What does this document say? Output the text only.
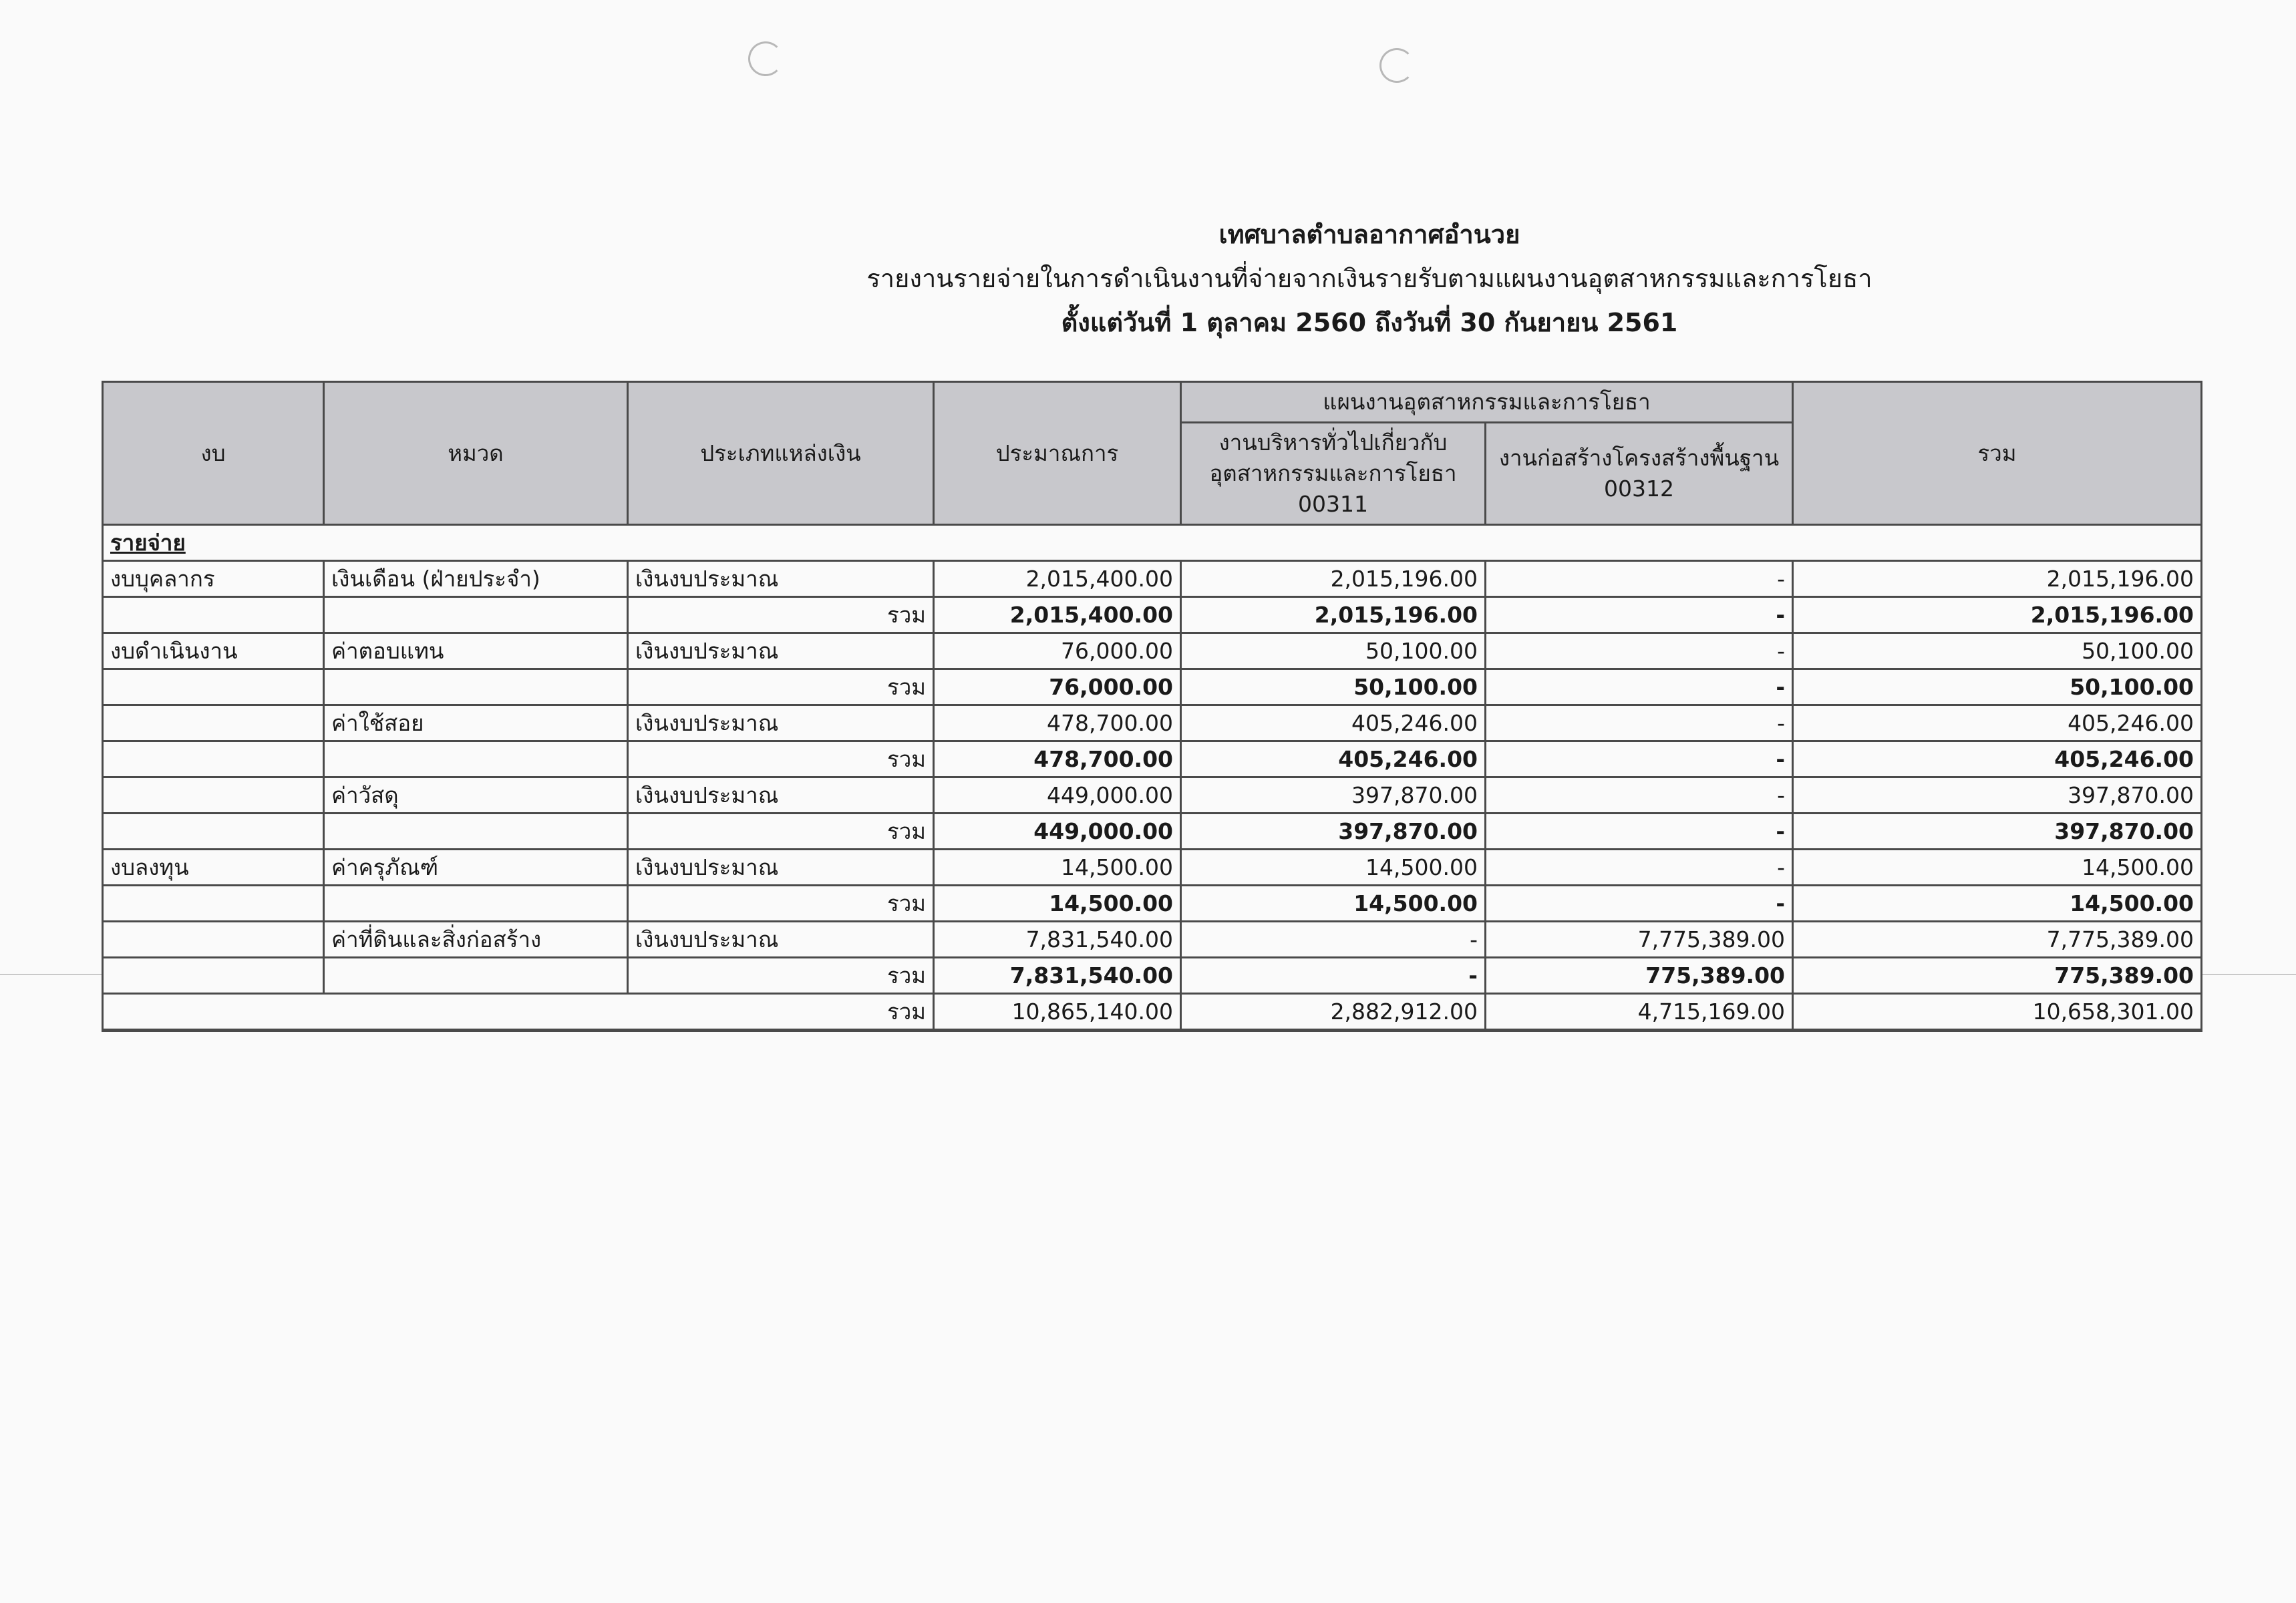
เทศบาลตำบลอากาศอำนวย
รายงานรายจ่ายในการดำเนินงานที่จ่ายจากเงินรายรับตามแผนงานอุตสาหกรรมและการโยธา
ตั้งแต่วันที่ 1 ตุลาคม 2560 ถึงวันที่ 30 กันยายน 2561
งบ	หมวด	ประเภทแหล่งเงิน	ประมาณการ	แผนงานอุตสาหกรรมและการโยธา		รวม
				งานบริหารทั่วไปเกี่ยวกับอุตสาหกรรมและการโยธา 00311	งานก่อสร้างโครงสร้างพื้นฐาน 00312	
รายจ่าย						
งบบุคลากร	เงินเดือน (ฝ่ายประจำ)	เงินงบประมาณ	2,015,400.00	2,015,196.00	-	2,015,196.00
		รวม	2,015,400.00	2,015,196.00	-	2,015,196.00
งบดำเนินงาน	ค่าตอบแทน	เงินงบประมาณ	76,000.00	50,100.00	-	50,100.00
		รวม	76,000.00	50,100.00	-	50,100.00
	ค่าใช้สอย	เงินงบประมาณ	478,700.00	405,246.00	-	405,246.00
		รวม	478,700.00	405,246.00	-	405,246.00
	ค่าวัสดุ	เงินงบประมาณ	449,000.00	397,870.00	-	397,870.00
		รวม	449,000.00	397,870.00	-	397,870.00
งบลงทุน	ค่าครุภัณฑ์	เงินงบประมาณ	14,500.00	14,500.00	-	14,500.00
		รวม	14,500.00	14,500.00	-	14,500.00
	ค่าที่ดินและสิ่งก่อสร้าง	เงินงบประมาณ	7,831,540.00	-	7,775,389.00	7,775,389.00
		รวม	7,831,540.00	-	775,389.00	775,389.00
รวม			10,865,140.00	2,882,912.00	4,715,169.00	10,658,301.00
